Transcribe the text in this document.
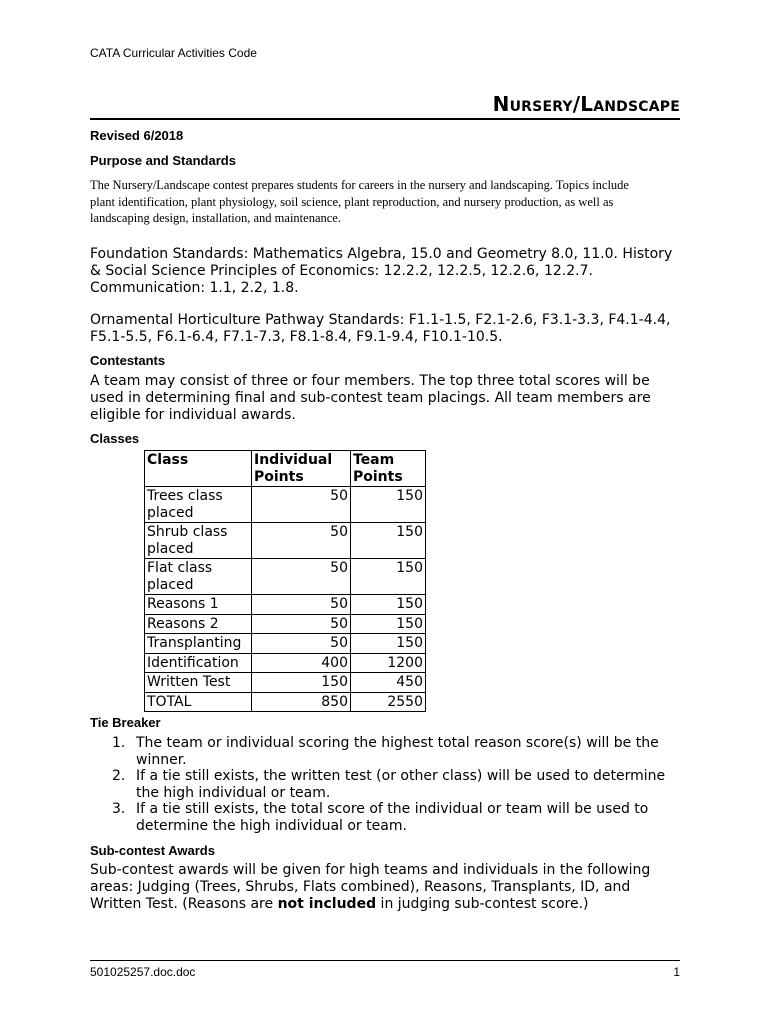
CATA Curricular Activities Code
Nursery/Landscape
Revised 6/2018
Purpose and Standards
The Nursery/Landscape contest prepares students for careers in the nursery and landscaping. Topics include plant identification, plant physiology, soil science, plant reproduction, and nursery production, as well as landscaping design, installation, and maintenance.
Foundation Standards: Mathematics Algebra, 15.0 and Geometry 8.0, 11.0. History & Social Science Principles of Economics: 12.2.2, 12.2.5, 12.2.6, 12.2.7. Communication: 1.1, 2.2, 1.8.
Ornamental Horticulture Pathway Standards: F1.1-1.5, F2.1-2.6, F3.1-3.3, F4.1-4.4, F5.1-5.5, F6.1-6.4, F7.1-7.3, F8.1-8.4, F9.1-9.4, F10.1-10.5.
Contestants
A team may consist of three or four members. The top three total scores will be used in determining final and sub-contest team placings. All team members are eligible for individual awards.
Classes
Class	Individual Points	Team Points
Trees class placed	50	150
Shrub class placed	50	150
Flat class placed	50	150
Reasons 1	50	150
Reasons 2	50	150
Transplanting	50	150
Identification	400	1200
Written Test	150	450
TOTAL	850	2550
Tie Breaker
1. The team or individual scoring the highest total reason score(s) will be the winner.
2. If a tie still exists, the written test (or other class) will be used to determine the high individual or team.
3. If a tie still exists, the total score of the individual or team will be used to determine the high individual or team.
Sub-contest Awards
Sub-contest awards will be given for high teams and individuals in the following areas: Judging (Trees, Shrubs, Flats combined), Reasons, Transplants, ID, and Written Test. (Reasons are not included in judging sub-contest score.)
501025257.doc.doc	1
